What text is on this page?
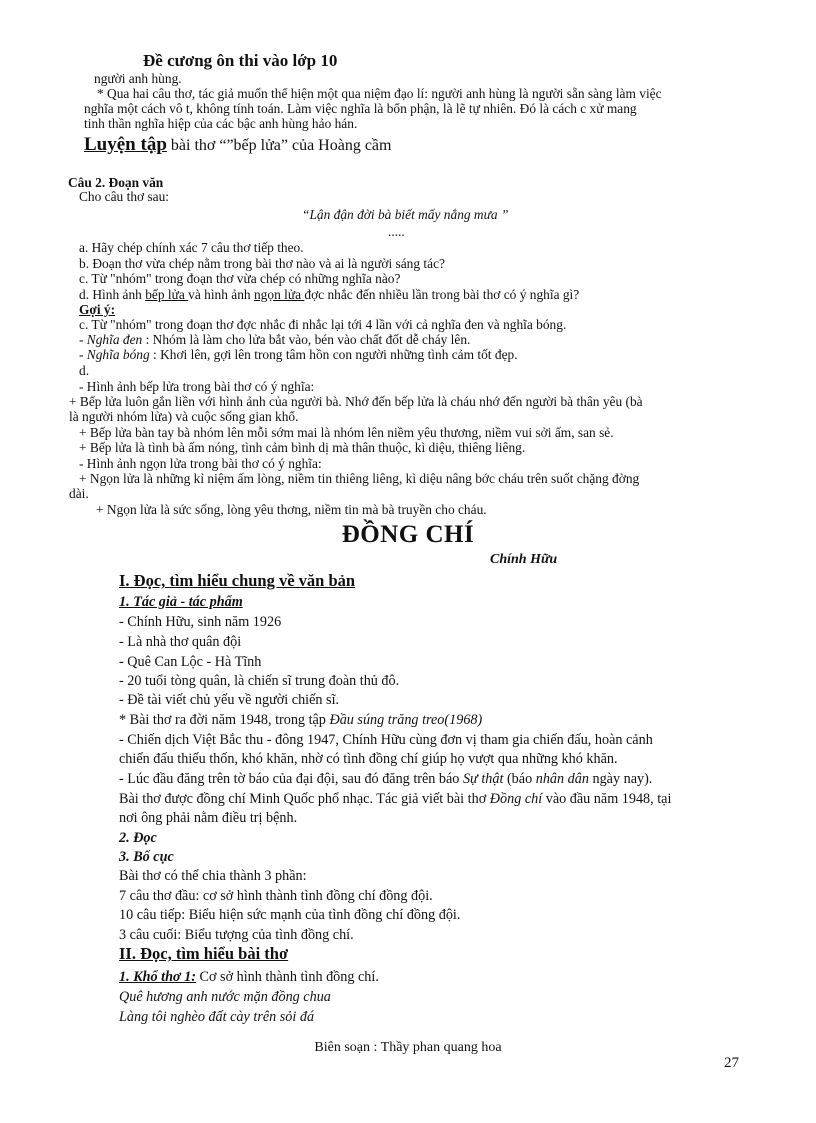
Đề cương ôn thi vào lớp 10
người anh hùng.
* Qua hai câu thơ, tác giả muốn thể hiện một qua niệm đạo lí: người anh hùng là người sẵn sàng làm việc
nghĩa một cách vô t, không tính toán. Làm việc nghĩa là bổn phận, là lẽ tự nhiên. Đó là cách c xử mang
tinh thần nghĩa hiệp của các bậc anh hùng hảo hán.
Luyện tập bài thơ “”bếp lửa” của Hoàng cầm
Câu 2. Đoạn văn
Cho câu thơ sau:
“Lận đận đời bà biết mấy nắng mưa ”
.....
a. Hãy chép chính xác 7 câu thơ tiếp theo.
b. Đoạn thơ vừa chép nằm trong bài thơ nào và ai là người sáng tác?
c. Từ "nhóm" trong đoạn thơ vừa chép có những nghĩa nào?
d. Hình ảnh bếp lửa và hình ảnh ngọn lửa đợc nhắc đến nhiều lần trong bài thơ có ý nghĩa gì?
Gợi ý:
c. Từ "nhóm" trong đoạn thơ đợc nhắc đi nhắc lại tới 4 lần với cả nghĩa đen và nghĩa bóng.
- Nghĩa đen : Nhóm là làm cho lửa bắt vào, bén vào chất đốt dễ cháy lên.
- Nghĩa bóng : Khơi lên, gợi lên trong tâm hồn con người những tình cảm tốt đẹp.
d.
- Hình ảnh bếp lửa trong bài thơ có ý nghĩa:
+ Bếp lửa luôn gắn liền với hình ảnh của người bà. Nhớ đến bếp lửa là cháu nhớ đến người bà thân yêu (bà
là người nhóm lửa) và cuộc sống gian khổ.
+ Bếp lửa bàn tay bà nhóm lên mỗi sớm mai là nhóm lên niềm yêu thương, niềm vui sởi ấm, san sẻ.
+ Bếp lửa là tình bà ấm nóng, tình cảm bình dị mà thân thuộc, kì diệu, thiêng liêng.
- Hình ảnh ngọn lửa trong bài thơ có ý nghĩa:
+ Ngọn lửa là những kỉ niệm ấm lòng, niềm tin thiêng liêng, kì diệu nâng bớc cháu trên suốt chặng đờng
dài.
+ Ngọn lửa là sức sống, lòng yêu thơng, niềm tin mà bà truyền cho cháu.
ĐỒNG CHÍ
Chính Hữu
I. Đọc, tìm hiểu chung về văn bản
1. Tác giả - tác phẩm
- Chính Hữu, sinh năm 1926
- Là nhà thơ quân đội
- Quê Can Lộc - Hà Tĩnh
- 20 tuổi tòng quân, là chiến sĩ trung đoàn thủ đô.
- Đề tài viết chủ yếu về người chiến sĩ.
* Bài thơ ra đời năm 1948, trong tập Đầu súng trăng treo(1968)
- Chiến dịch Việt Bắc thu - đông 1947, Chính Hữu cùng đơn vị tham gia chiến đấu, hoàn cảnh
chiến đấu thiếu thốn, khó khăn, nhờ có tình đồng chí giúp họ vượt qua những khó khăn.
- Lúc đầu đăng trên tờ báo của đại đội, sau đó đăng trên báo Sự thật (báo nhân dân ngày nay).
Bài thơ được đồng chí Minh Quốc phổ nhạc. Tác giả viết bài thơ Đồng chí vào đầu năm 1948, tại
nơi ông phải nằm điều trị bệnh.
2. Đọc
3. Bố cục
Bài thơ có thể chia thành 3 phần:
7 câu thơ đầu: cơ sở hình thành tình đồng chí đồng đội.
10 câu tiếp: Biểu hiện sức mạnh của tình đồng chí đồng đội.
3 câu cuối: Biểu tượng của tình đồng chí.
II. Đọc, tìm hiểu bài thơ
1. Khổ thơ 1: Cơ sở hình thành tình đồng chí.
Quê hương anh nước mặn đồng chua
Làng tôi nghèo đất cày trên sỏi đá
Biên soạn : Thầy phan quang hoa
27
